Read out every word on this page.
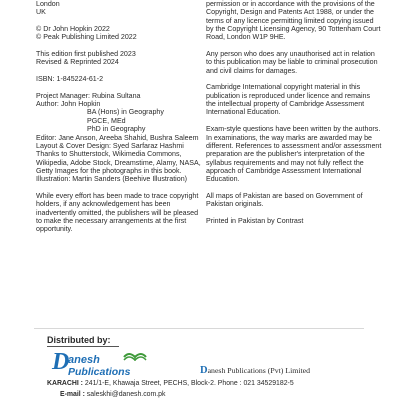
London
UK
© Dr John Hopkin 2022
© Peak Publishing Limited 2022
This edition first published 2023
Revised & Reprinted 2024
ISBN: 1-845224-61-2
Project Manager: Rubina Sultana
Author: John Hopkin
BA (Hons) in Geography
PGCE, MEd
PhD in Geography
Editor: Jane Anson, Areeba Shahid, Bushra Saleem
Layout & Cover Design: Syed Sarfaraz Hashmi
Thanks to Shutterstock, Wikimedia Commons,
Wikipedia, Adobe Stock, Dreamstime, Alamy, NASA,
Getty Images for the photographs in this book.
Illustration: Martin Sanders (Beehive Illustration)
While every effort has been made to trace copyright
holders, if any acknowledgement has been
inadvertently omitted, the publishers will be pleased
to make the necessary arrangements at the first
opportunity.
permission or in accordance with the provisions of the
Copyright, Design and Patents Act 1988, or under the
terms of any licence permitting limited copying issued
by the Copyright Licensing Agency, 90 Tottenham Court
Road, London W1P 9HE.
Any person who does any unauthorised act in relation
to this publication may be liable to criminal prosecution
and civil claims for damages.
Cambridge International copyright material in this
publication is reproduced under licence and remains
the intellectual property of Cambridge Assessment
International Education.
Exam-style questions have been written by the authors.
In examinations, the way marks are awarded may be
different. References to assessment and/or assessment
preparation are the publisher's interpretation of the
syllabus requirements and may not fully reflect the
approach of Cambridge Assessment International
Education.
All maps of Pakistan are based on Government of
Pakistan originals.
Printed in Pakistan by Contrast
Distributed by:
D
anesh
Publications	Danesh Publications (Pvt) Limited
KARACHI : 241/1-E, Khawaja Street, PECHS, Block-2. Phone : 021 34529182-5
E-mail : saleskhi@danesh.com.pk
